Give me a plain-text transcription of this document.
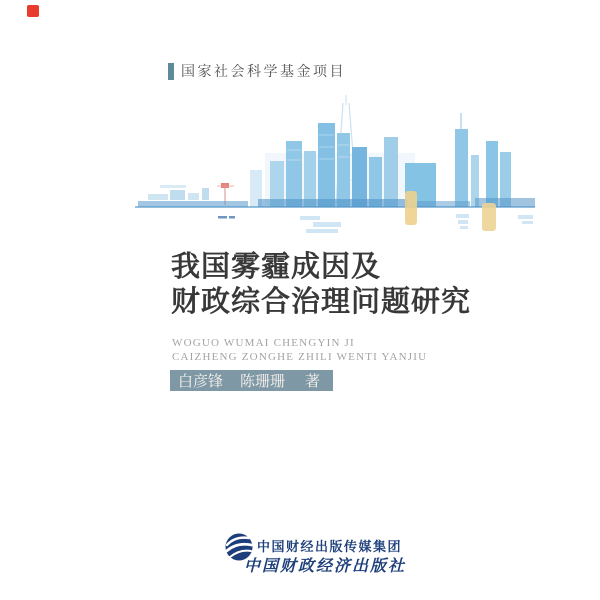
国家社会科学基金项目
我国雾霾成因及
财政综合治理问题研究
WOGUO WUMAI CHENGYIN JI
CAIZHENG ZONGHE ZHILI WENTI YANJIU
白彦锋 陈珊珊 著
中国财经出版传媒集团
中国财政经济出版社
